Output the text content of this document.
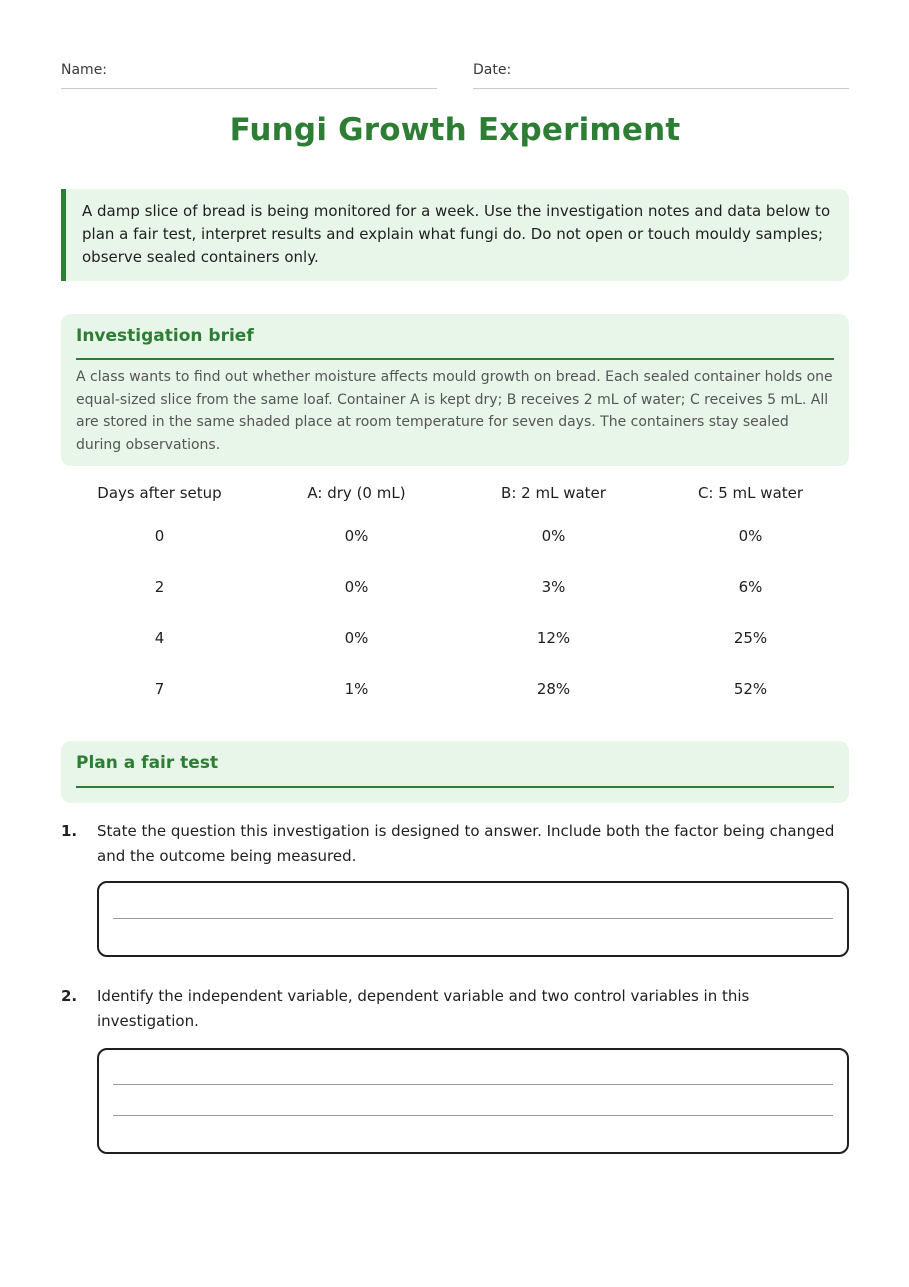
Name:	Date:
Fungi Growth Experiment
A damp slice of bread is being monitored for a week. Use the investigation notes and data below to plan a fair test, interpret results and explain what fungi do. Do not open or touch mouldy samples; observe sealed containers only.
Investigation brief
A class wants to find out whether moisture affects mould growth on bread. Each sealed container holds one equal-sized slice from the same loaf. Container A is kept dry; B receives 2 mL of water; C receives 5 mL. All are stored in the same shaded place at room temperature for seven days. The containers stay sealed during observations.
Days after setup	A: dry (0 mL)	B: 2 mL water	C: 5 mL water
0	0%	0%	0%
2	0%	3%	6%
4	0%	12%	25%
7	1%	28%	52%
Plan a fair test
1. State the question this investigation is designed to answer. Include both the factor being changed and the outcome being measured.
2. Identify the independent variable, dependent variable and two control variables in this investigation.
